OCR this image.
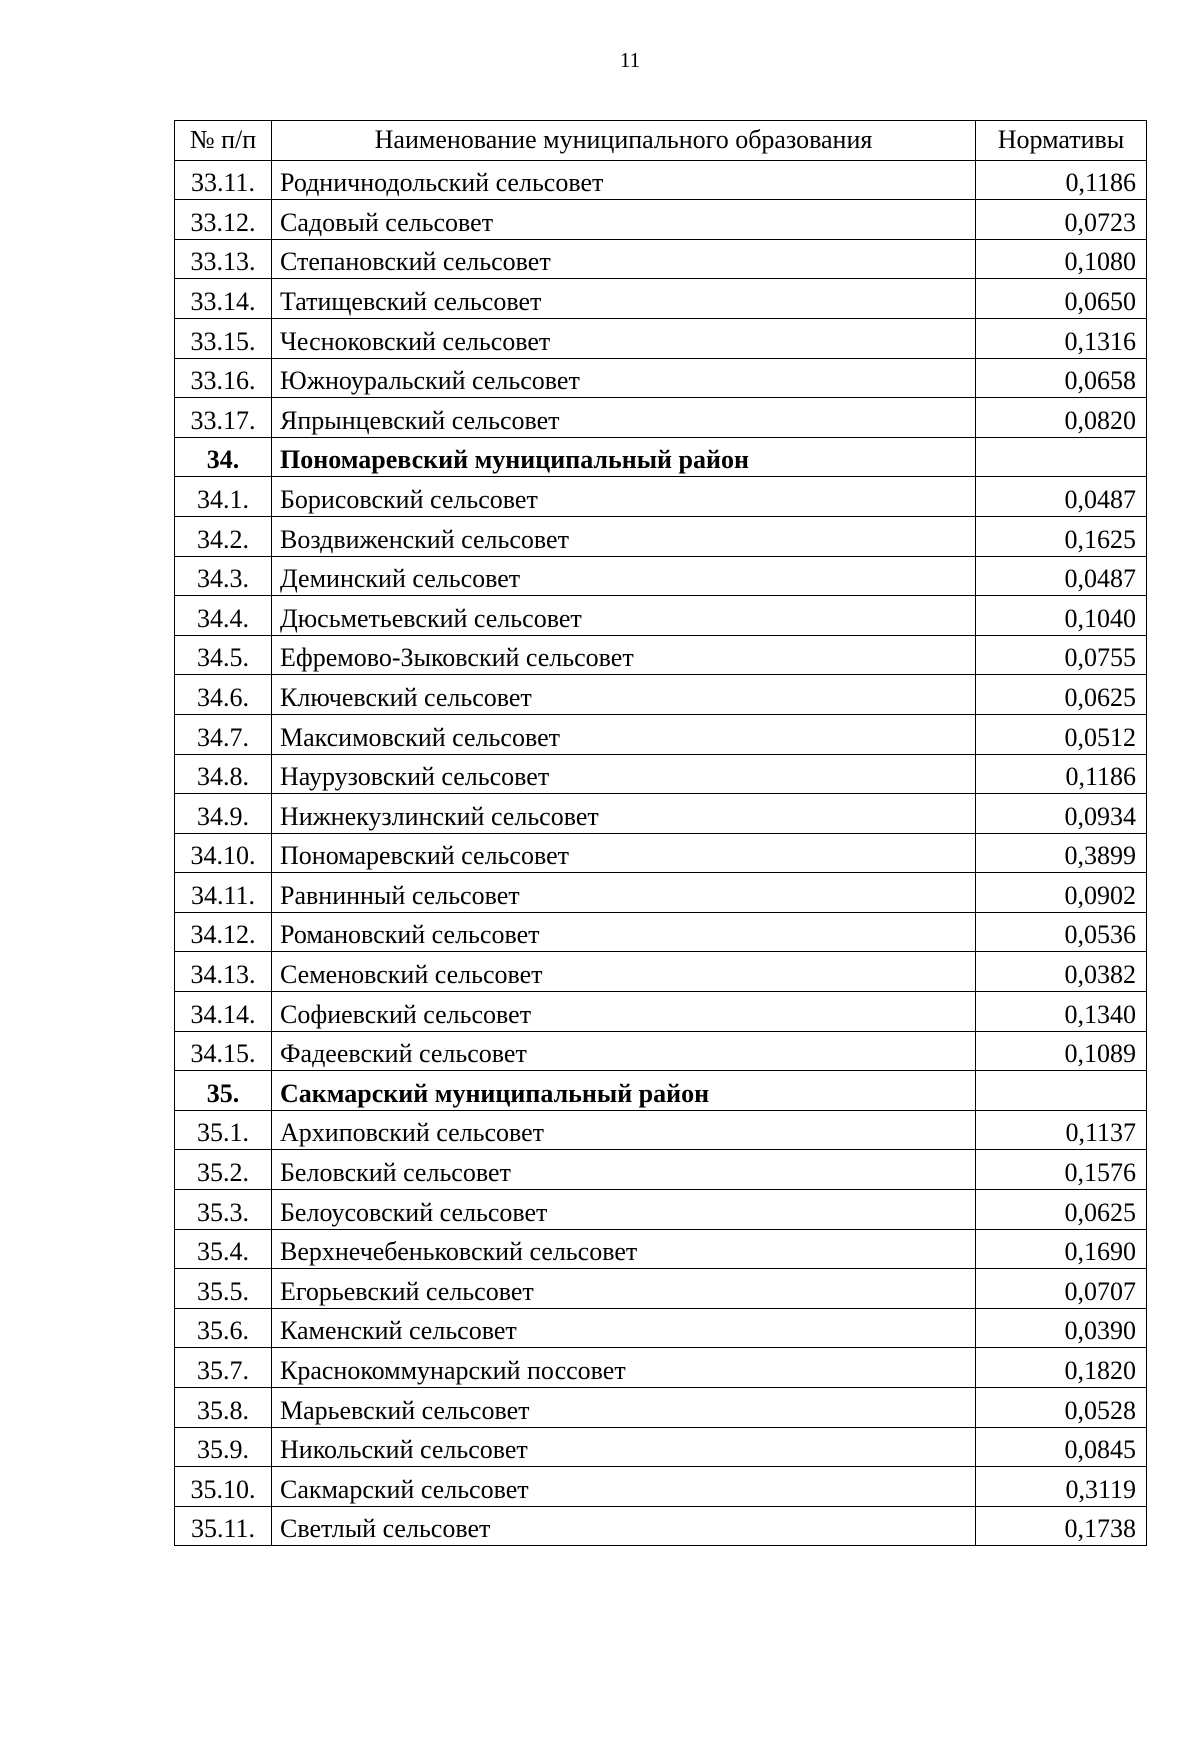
11
№ п/п	Наименование муниципального образования	Нормативы
33.11.	Родничнодольский сельсовет	0,1186
33.12.	Садовый сельсовет	0,0723
33.13.	Степановский сельсовет	0,1080
33.14.	Татищевский сельсовет	0,0650
33.15.	Чесноковский сельсовет	0,1316
33.16.	Южноуральский сельсовет	0,0658
33.17.	Япрынцевский сельсовет	0,0820
34.	Пономаревский муниципальный район	
34.1.	Борисовский сельсовет	0,0487
34.2.	Воздвиженский сельсовет	0,1625
34.3.	Деминский сельсовет	0,0487
34.4.	Дюсьметьевский сельсовет	0,1040
34.5.	Ефремово-Зыковский сельсовет	0,0755
34.6.	Ключевский сельсовет	0,0625
34.7.	Максимовский сельсовет	0,0512
34.8.	Наурузовский сельсовет	0,1186
34.9.	Нижнекузлинский сельсовет	0,0934
34.10.	Пономаревский сельсовет	0,3899
34.11.	Равнинный сельсовет	0,0902
34.12.	Романовский сельсовет	0,0536
34.13.	Семеновский сельсовет	0,0382
34.14.	Софиевский сельсовет	0,1340
34.15.	Фадеевский сельсовет	0,1089
35.	Сакмарский муниципальный район	
35.1.	Архиповский сельсовет	0,1137
35.2.	Беловский сельсовет	0,1576
35.3.	Белоусовский сельсовет	0,0625
35.4.	Верхнечебеньковский сельсовет	0,1690
35.5.	Егорьевский сельсовет	0,0707
35.6.	Каменский сельсовет	0,0390
35.7.	Краснокоммунарский поссовет	0,1820
35.8.	Марьевский сельсовет	0,0528
35.9.	Никольский сельсовет	0,0845
35.10.	Сакмарский сельсовет	0,3119
35.11.	Светлый сельсовет	0,1738
